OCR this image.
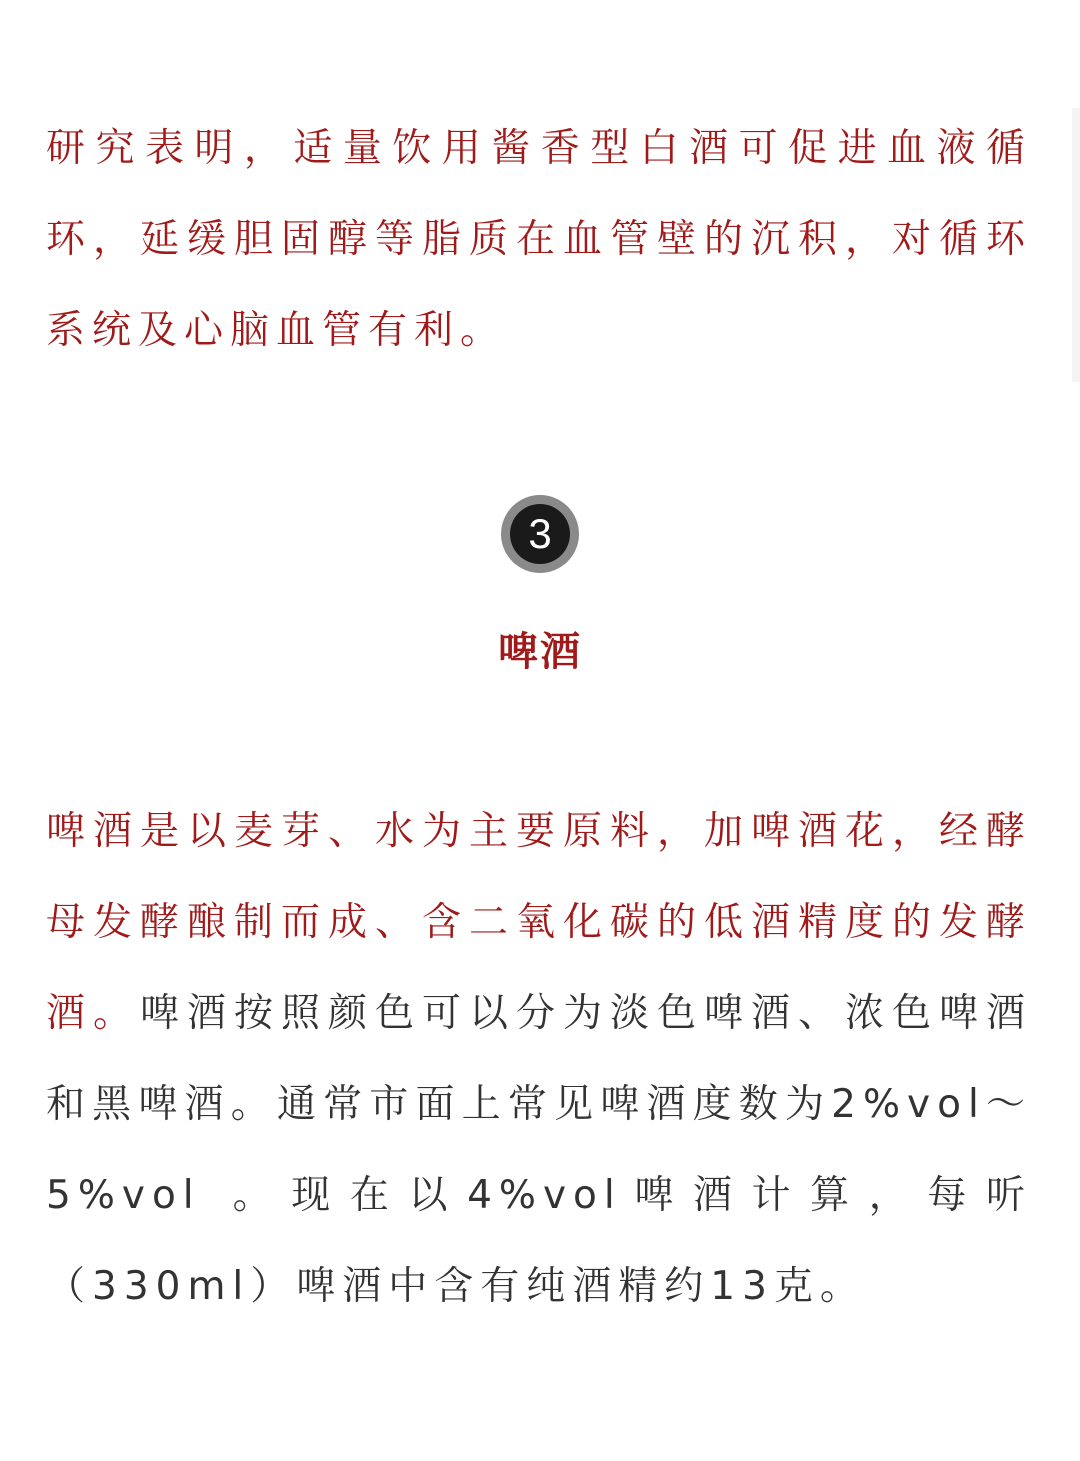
研究表明，适量饮用酱香型白酒可促进血液循环，延缓胆固醇等脂质在血管壁的沉积，对循环系统及心脑血管有利。

3
啤酒

啤酒是以麦芽、水为主要原料，加啤酒花，经酵母发酵酿制而成、含二氧化碳的低酒精度的发酵酒。啤酒按照颜色可以分为淡色啤酒、浓色啤酒和黑啤酒。通常市面上常见啤酒度数为2%vol～5%vol 。现在以4%vol啤酒计算，每听（330ml）啤酒中含有纯酒精约13克。
